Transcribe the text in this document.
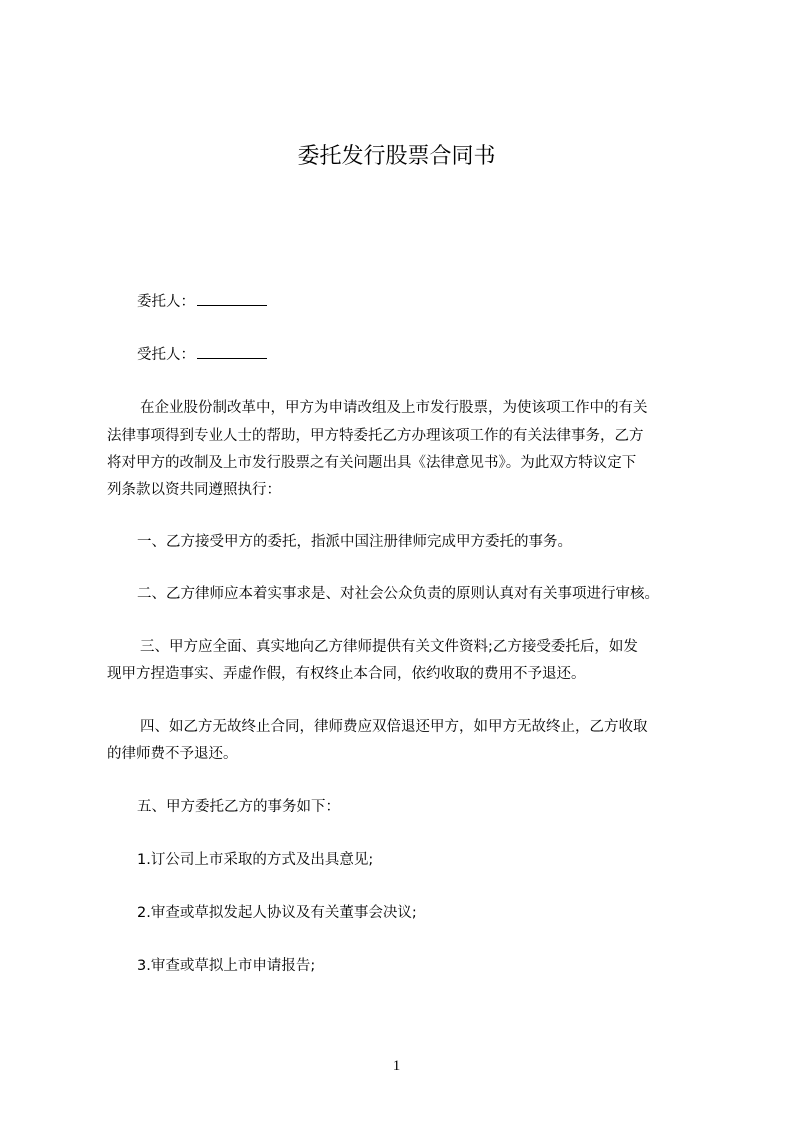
委托发行股票合同书
委托人：
受托人：
在企业股份制改革中，甲方为申请改组及上市发行股票，为使该项工作中的有关
法律事项得到专业人士的帮助，甲方特委托乙方办理该项工作的有关法律事务，乙方
将对甲方的改制及上市发行股票之有关问题出具《法律意见书》。为此双方特议定下
列条款以资共同遵照执行：
一、乙方接受甲方的委托，指派中国注册律师完成甲方委托的事务。
二、乙方律师应本着实事求是、对社会公众负责的原则认真对有关事项进行审核。
三、甲方应全面、真实地向乙方律师提供有关文件资料;乙方接受委托后，如发
现甲方捏造事实、弄虚作假，有权终止本合同，依约收取的费用不予退还。
四、如乙方无故终止合同，律师费应双倍退还甲方，如甲方无故终止，乙方收取
的律师费不予退还。
五、甲方委托乙方的事务如下：
1.订公司上市采取的方式及出具意见;
2.审查或草拟发起人协议及有关董事会决议;
3.审查或草拟上市申请报告;
1
